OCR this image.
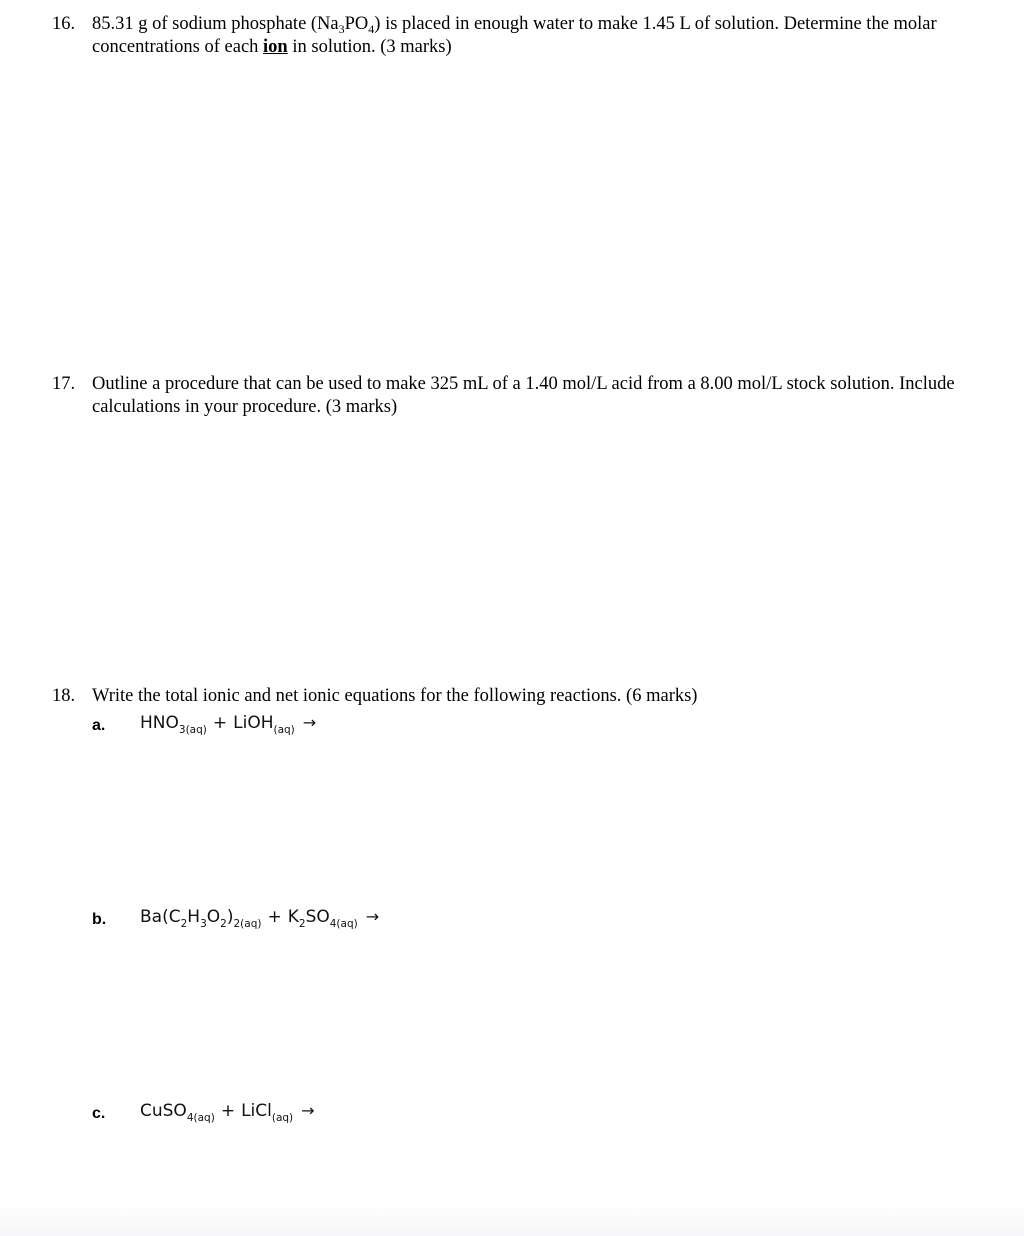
16. 85.31 g of sodium phosphate $(Na_3PO_4)$ is placed in enough water to make 1.45 L of solution. Determine the molar concentrations of each ion in solution. (3 marks)
17. Outline a procedure that can be used to make 325 mL of a 1.40 mol/L acid from a 8.00 mol/L stock solution. Include calculations in your procedure. (3 marks)
18. Write the total ionic and net ionic equations for the following reactions. (6 marks)
a. $HNO_{3(aq)}$ + LiOH$_{(aq)}$ →
b. $Ba(C_2H_3O_2)_{2(aq)} + K_2SO_{4(aq)}$ →
c. CuSO$_{4(aq)}$ + LiCl$_{(aq)}$ →
